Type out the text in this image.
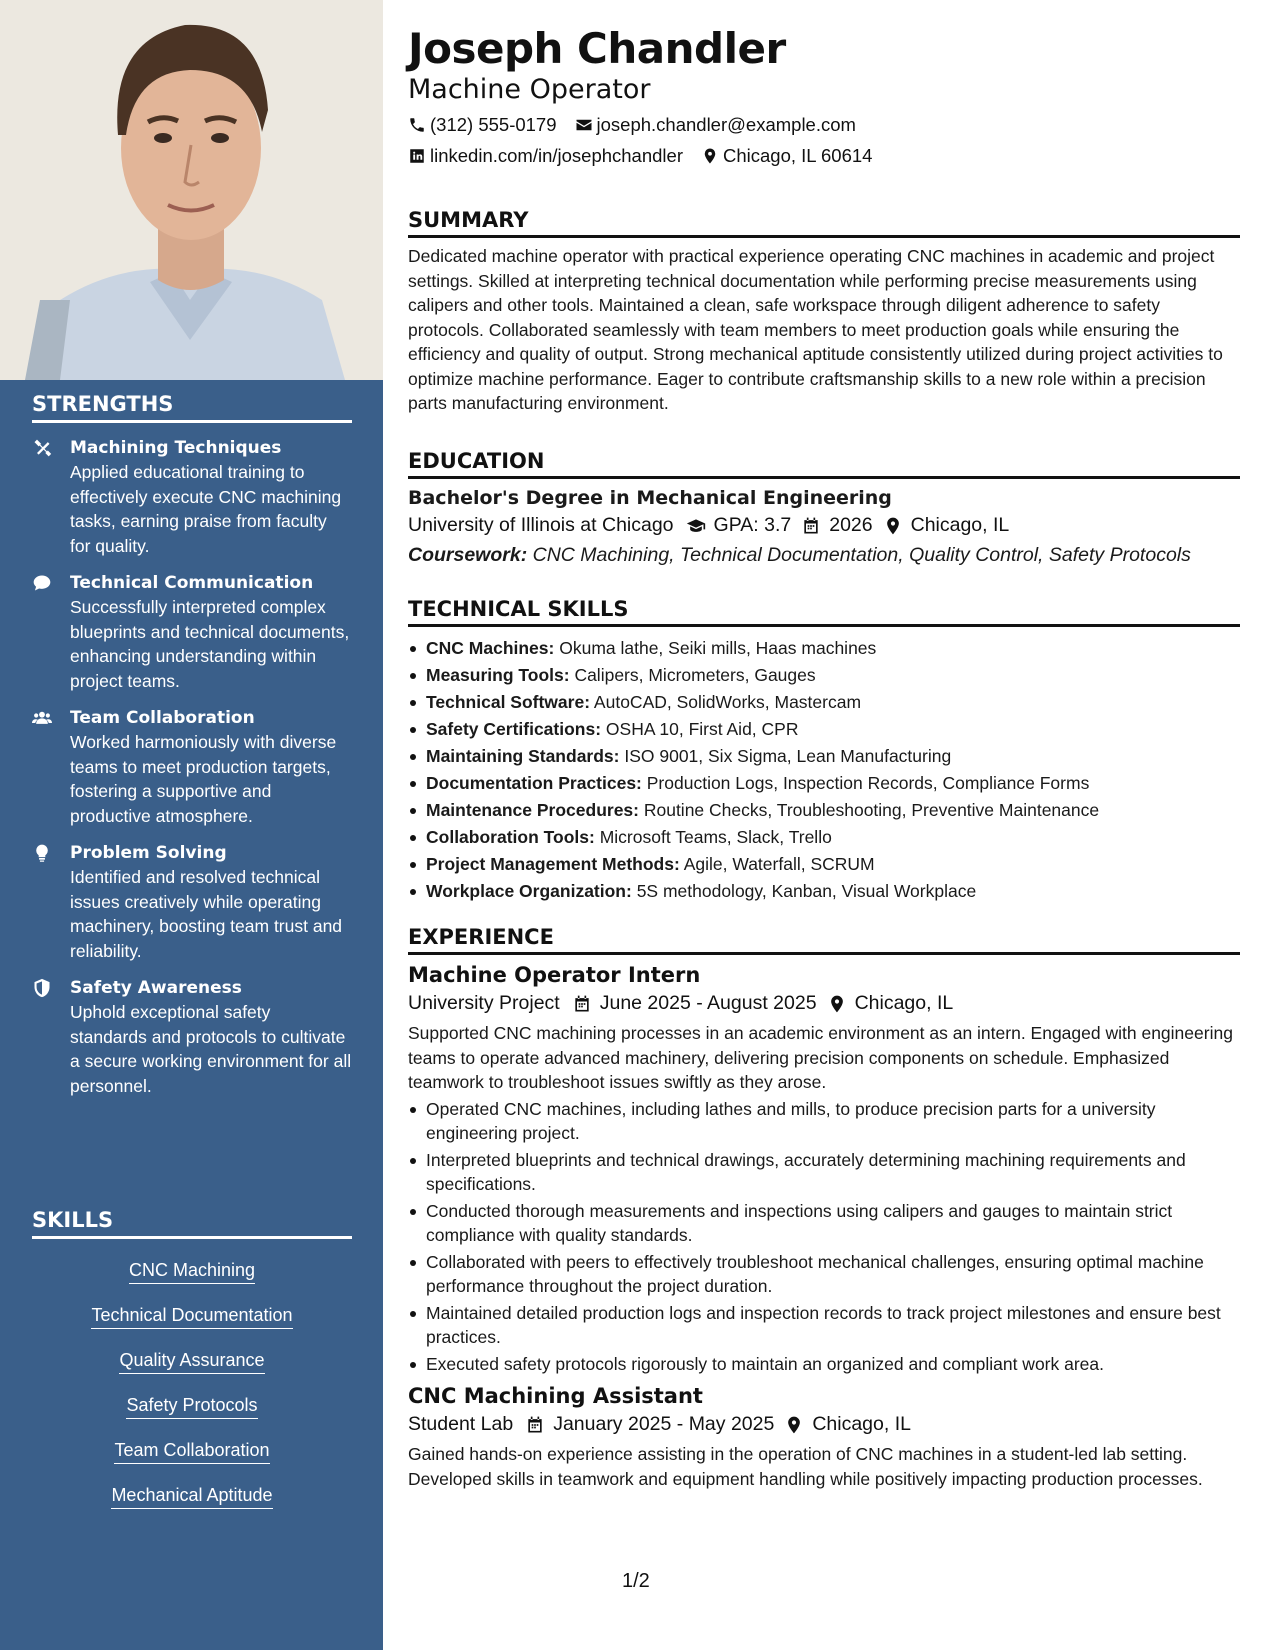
STRENGTHS
Machining Techniques
Applied educational training to effectively execute CNC machining tasks, earning praise from faculty for quality.
Technical Communication
Successfully interpreted complex blueprints and technical documents, enhancing understanding within project teams.
Team Collaboration
Worked harmoniously with diverse teams to meet production targets, fostering a supportive and productive atmosphere.
Problem Solving
Identified and resolved technical issues creatively while operating machinery, boosting team trust and reliability.
Safety Awareness
Uphold exceptional safety standards and protocols to cultivate a secure working environment for all personnel.
SKILLS
CNC Machining
Technical Documentation
Quality Assurance
Safety Protocols
Team Collaboration
Mechanical Aptitude
Joseph Chandler
Machine Operator
(312) 555-0179 joseph.chandler@example.com
linkedin.com/in/josephchandler Chicago, IL 60614
SUMMARY
Dedicated machine operator with practical experience operating CNC machines in academic and project settings. Skilled at interpreting technical documentation while performing precise measurements using calipers and other tools. Maintained a clean, safe workspace through diligent adherence to safety protocols. Collaborated seamlessly with team members to meet production goals while ensuring the efficiency and quality of output. Strong mechanical aptitude consistently utilized during project activities to optimize machine performance. Eager to contribute craftsmanship skills to a new role within a precision parts manufacturing environment.
EDUCATION
Bachelor's Degree in Mechanical Engineering
University of Illinois at Chicago GPA: 3.7 2026 Chicago, IL
Coursework: CNC Machining, Technical Documentation, Quality Control, Safety Protocols
TECHNICAL SKILLS
CNC Machines: Okuma lathe, Seiki mills, Haas machines
Measuring Tools: Calipers, Micrometers, Gauges
Technical Software: AutoCAD, SolidWorks, Mastercam
Safety Certifications: OSHA 10, First Aid, CPR
Maintaining Standards: ISO 9001, Six Sigma, Lean Manufacturing
Documentation Practices: Production Logs, Inspection Records, Compliance Forms
Maintenance Procedures: Routine Checks, Troubleshooting, Preventive Maintenance
Collaboration Tools: Microsoft Teams, Slack, Trello
Project Management Methods: Agile, Waterfall, SCRUM
Workplace Organization: 5S methodology, Kanban, Visual Workplace
EXPERIENCE
Machine Operator Intern
University Project June 2025 - August 2025 Chicago, IL
Supported CNC machining processes in an academic environment as an intern. Engaged with engineering teams to operate advanced machinery, delivering precision components on schedule. Emphasized teamwork to troubleshoot issues swiftly as they arose.
Operated CNC machines, including lathes and mills, to produce precision parts for a university engineering project.
Interpreted blueprints and technical drawings, accurately determining machining requirements and specifications.
Conducted thorough measurements and inspections using calipers and gauges to maintain strict compliance with quality standards.
Collaborated with peers to effectively troubleshoot mechanical challenges, ensuring optimal machine performance throughout the project duration.
Maintained detailed production logs and inspection records to track project milestones and ensure best practices.
Executed safety protocols rigorously to maintain an organized and compliant work area.
CNC Machining Assistant
Student Lab January 2025 - May 2025 Chicago, IL
Gained hands-on experience assisting in the operation of CNC machines in a student-led lab setting. Developed skills in teamwork and equipment handling while positively impacting production processes.
1/2
